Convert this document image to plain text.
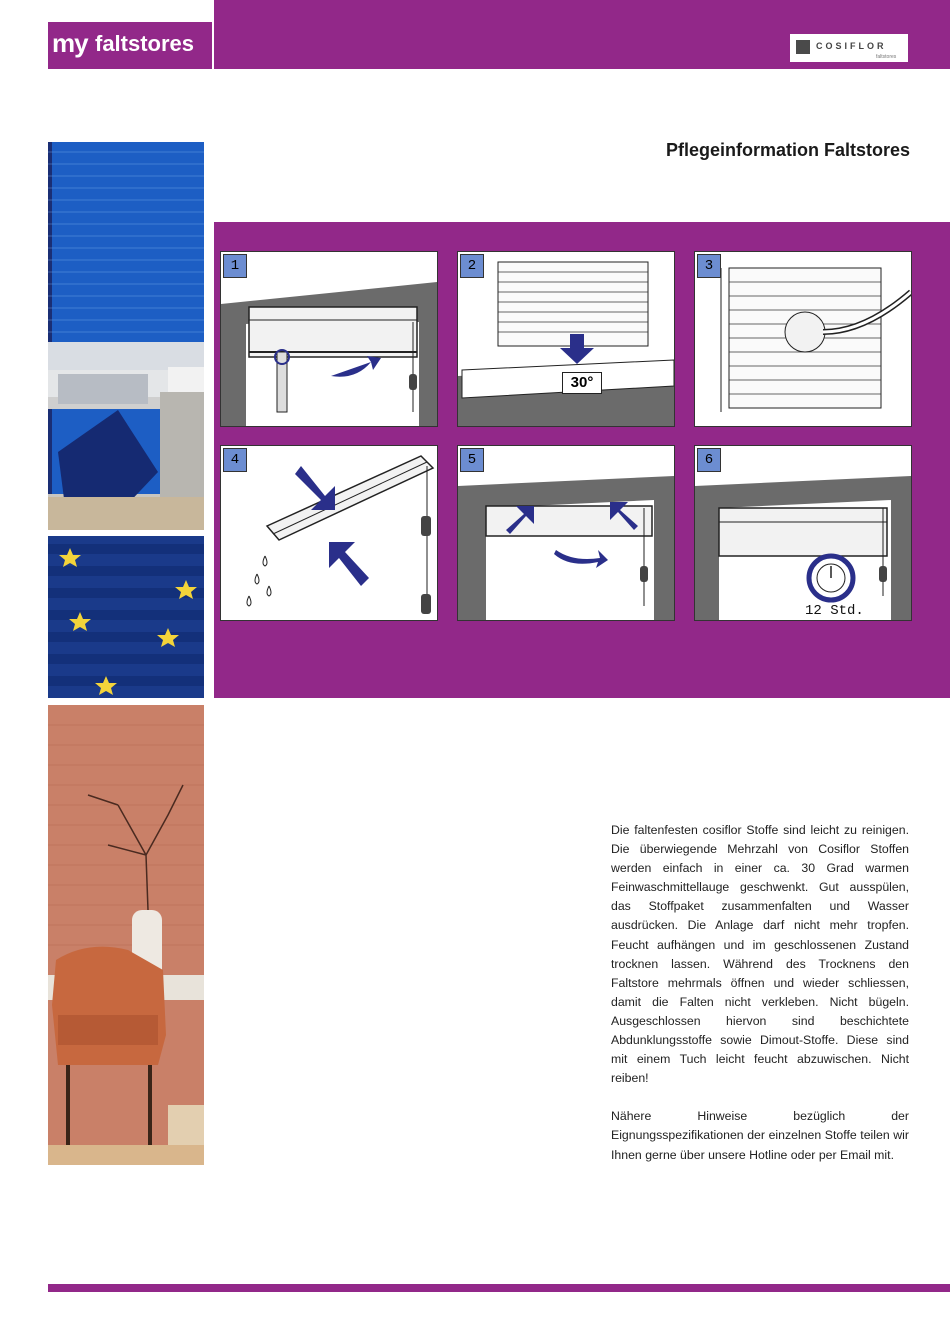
my faltstores	COSIFLOR
faltstores
Pflegeinformation Faltstores
1
30°
2	3
4	5
12 Std.
6

Die faltenfesten cosiflor Stoffe sind leicht zu reinigen. Die überwiegende Mehrzahl von Cosiflor Stoffen werden einfach in einer ca. 30 Grad warmen Feinwaschmittellauge geschwenkt. Gut ausspülen, das Stoffpaket zusammenfalten und Wasser ausdrücken. Die Anlage darf nicht mehr tropfen. Feucht aufhängen und im geschlossenen Zustand trocknen lassen. Während des Trocknens den Faltstore mehrmals öffnen und wieder schliessen, damit die Falten nicht verkleben. Nicht bügeln. Ausgeschlossen hiervon sind beschichtete Abdunklungsstoffe sowie Dimout-Stoffe. Diese sind mit einem Tuch leicht feucht abzuwischen. Nicht reiben!

Nähere Hinweise bezüglich der Eignungsspezifikationen der einzelnen Stoffe teilen wir Ihnen gerne über unsere Hotline oder per Email mit.
